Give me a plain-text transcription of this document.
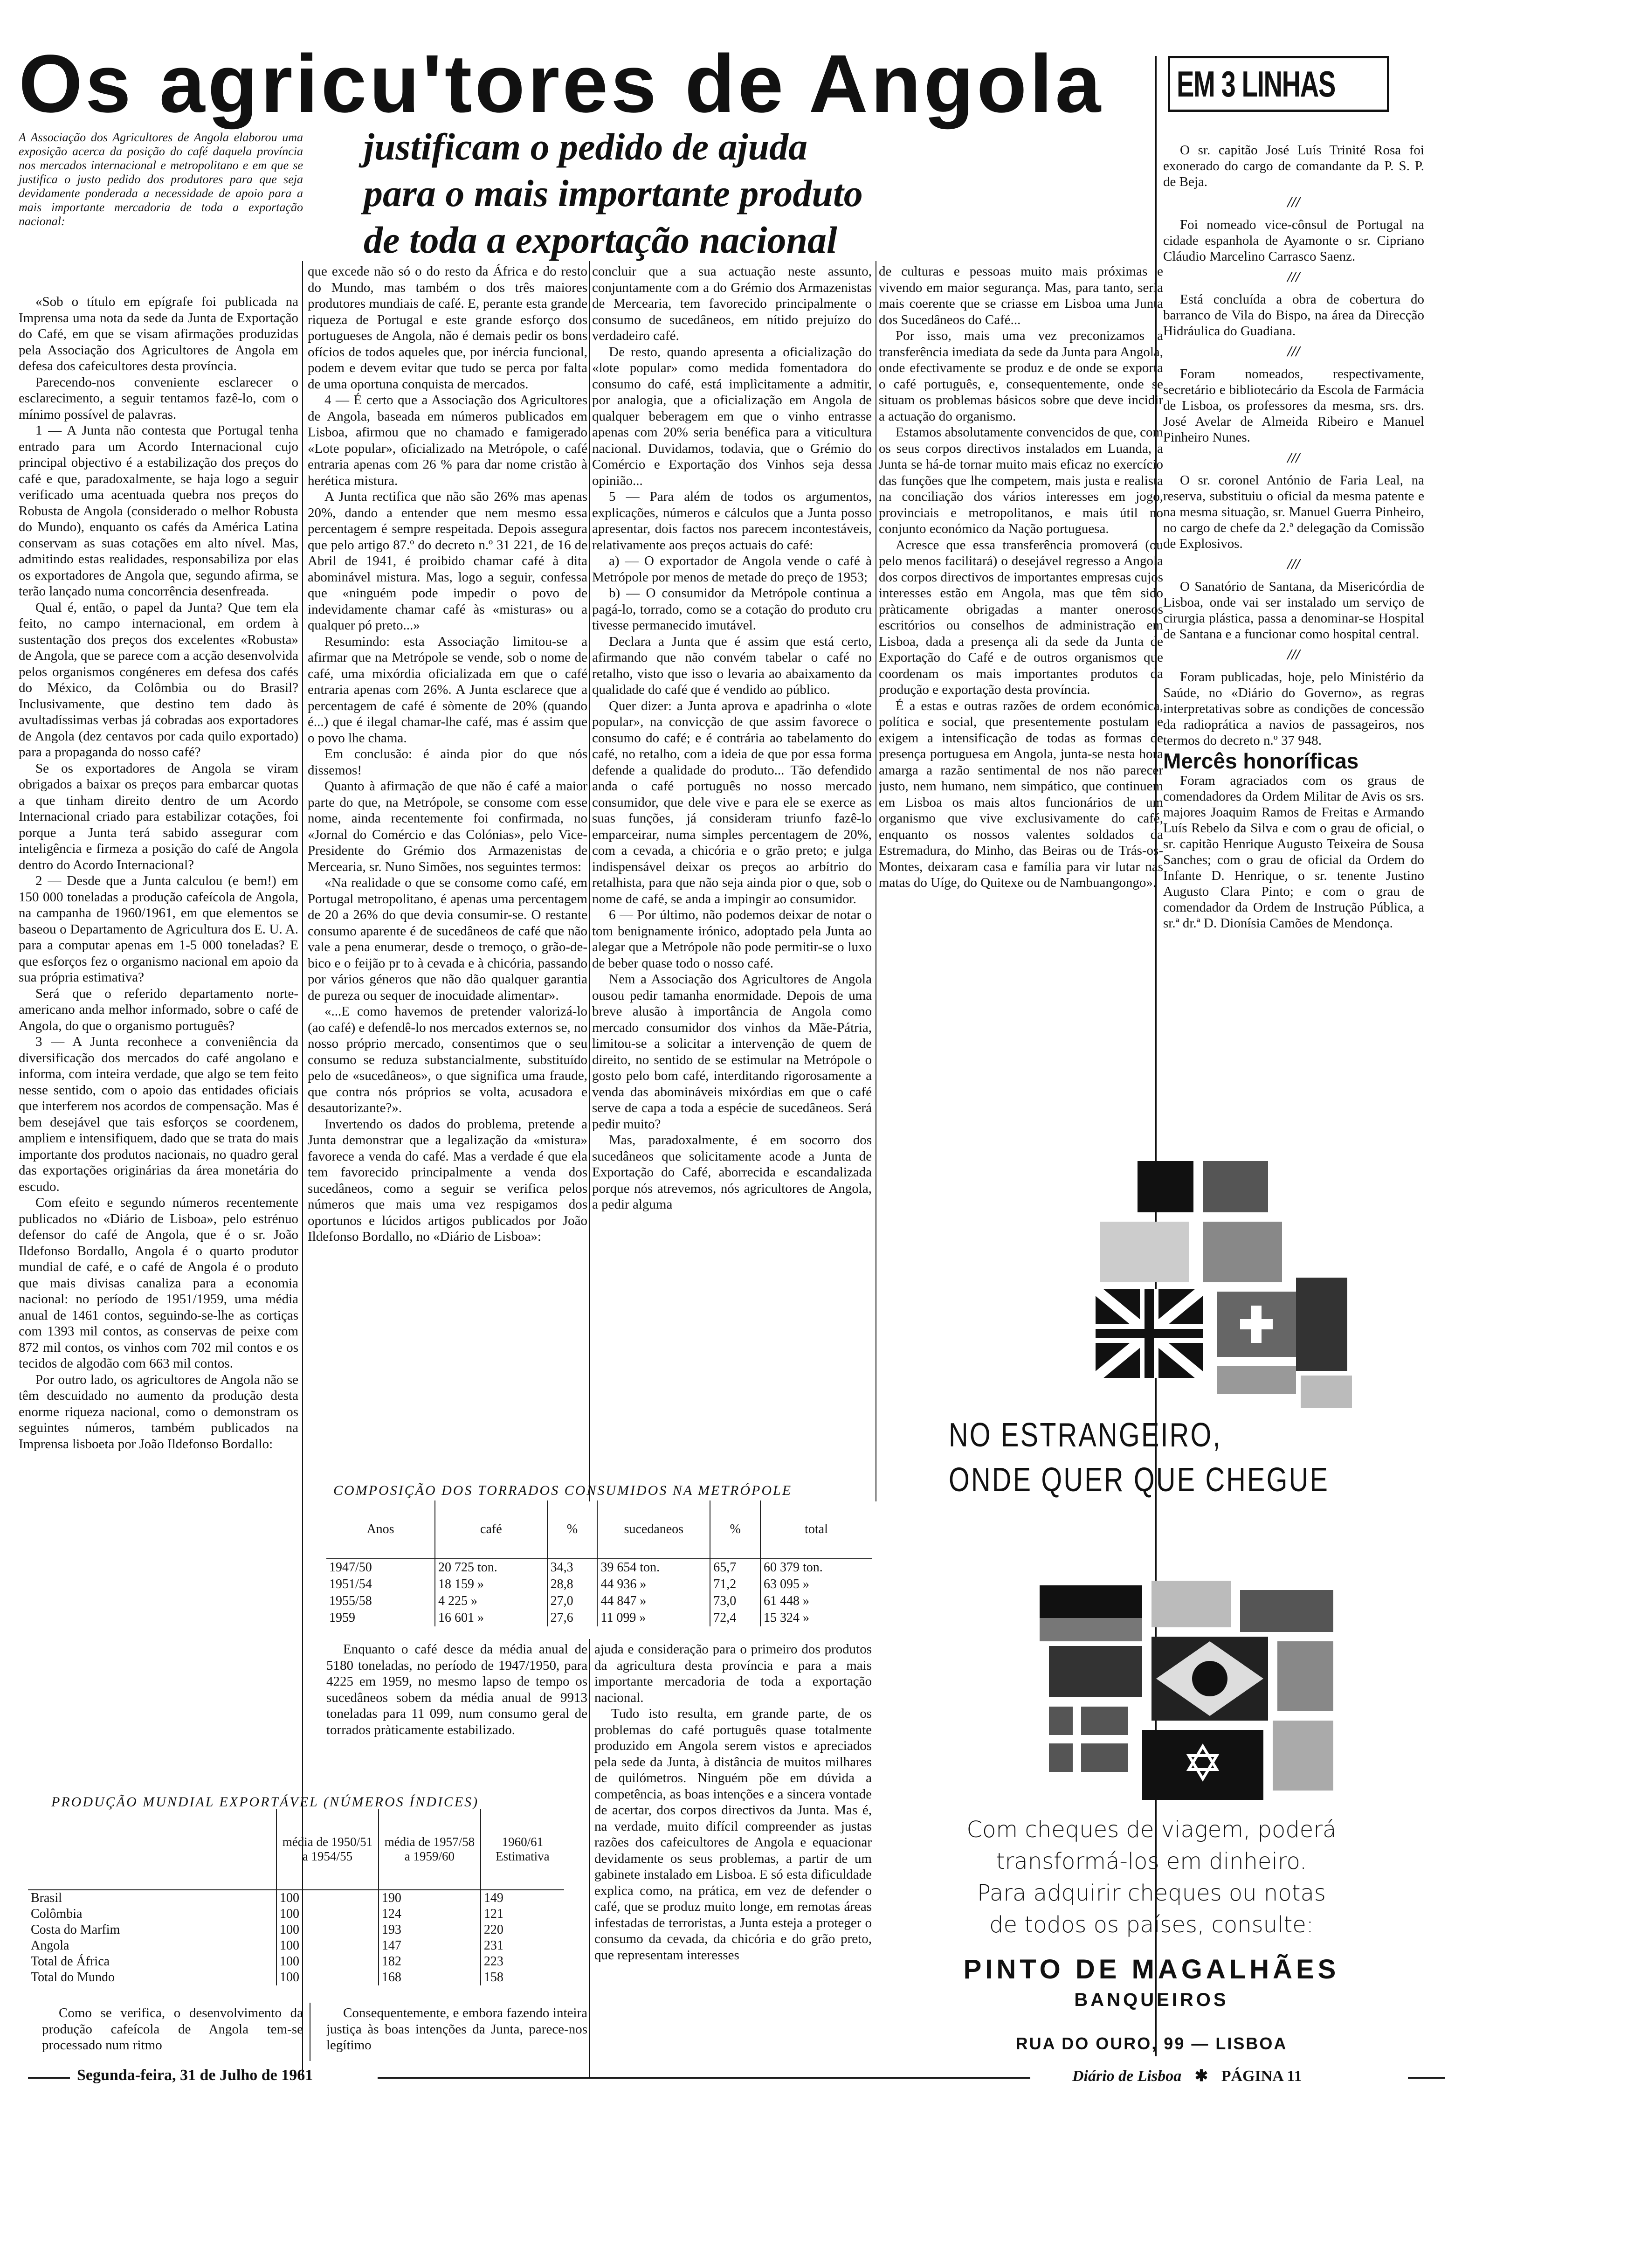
Os agricu'tores de Angola
justificam o pedido de ajuda
para o mais importante produto
de toda a exportação nacional
A Associação dos Agricultores de Angola elaborou uma exposição acerca da posição do café daquela província nos mercados internacional e metropolitano e em que se justifica o justo pedido dos produtores para que seja devidamente ponderada a necessidade de apoio para a mais importante mercadoria de toda a exportação nacional:

«Sob o título em epígrafe foi publicada na Imprensa uma nota da sede da Junta de Exportação do Café, em que se visam afirmações produzidas pela Associação dos Agricultores de Angola em defesa dos cafeicultores desta província.

Parecendo-nos conveniente esclarecer o esclarecimento, a seguir tentamos fazê-lo, com o mínimo possível de palavras.

1 — A Junta não contesta que Portugal tenha entrado para um Acordo Internacional cujo principal objectivo é a estabilização dos preços do café e que, paradoxalmente, se haja logo a seguir verificado uma acentuada quebra nos preços do Robusta de Angola (considerado o melhor Robusta do Mundo), enquanto os cafés da América Latina conservam as suas cotações em alto nível. Mas, admitindo estas realidades, responsabiliza por elas os exportadores de Angola que, segundo afirma, se terão lançado numa concorrência desenfreada.

Qual é, então, o papel da Junta? Que tem ela feito, no campo internacional, em ordem à sustentação dos preços dos excelentes «Robusta» de Angola, que se parece com a acção desenvolvida pelos organismos congéneres em defesa dos cafés do México, da Colômbia ou do Brasil? Inclusivamente, que destino tem dado às avultadíssimas verbas já cobradas aos exportadores de Angola (dez centavos por cada quilo exportado) para a propaganda do nosso café?

Se os exportadores de Angola se viram obrigados a baixar os preços para embarcar quotas a que tinham direito dentro de um Acordo Internacional criado para estabilizar cotações, foi porque a Junta terá sabido assegurar com inteligência e firmeza a posição do café de Angola dentro do Acordo Internacional?

2 — Desde que a Junta calculou (e bem!) em 150 000 toneladas a produção cafeícola de Angola, na campanha de 1960/1961, em que elementos se baseou o Departamento de Agricultura dos E. U. A. para a computar apenas em 1-5 000 toneladas? E que esforços fez o organismo nacional em apoio da sua própria estimativa?

Será que o referido departamento norte-americano anda melhor informado, sobre o café de Angola, do que o organismo português?

3 — A Junta reconhece a conveniência da diversificação dos mercados do café angolano e informa, com inteira verdade, que algo se tem feito nesse sentido, com o apoio das entidades oficiais que interferem nos acordos de compensação. Mas é bem desejável que tais esforços se coordenem, ampliem e intensifiquem, dado que se trata do mais importante dos produtos nacionais, no quadro geral das exportações originárias da área monetária do escudo.

Com efeito e segundo números recentemente publicados no «Diário de Lisboa», pelo estrénuo defensor do café de Angola, que é o sr. João Ildefonso Bordallo, Angola é o quarto produtor mundial de café, e o café de Angola é o produto que mais divisas canaliza para a economia nacional: no período de 1951/1959, uma média anual de 1461 contos, seguindo-se-lhe as cortiças com 1393 mil contos, as conservas de peixe com 872 mil contos, os vinhos com 702 mil contos e os tecidos de algodão com 663 mil contos.

Por outro lado, os agricultores de Angola não se têm descuidado no aumento da produção desta enorme riqueza nacional, como o demonstram os seguintes números, também publicados na Imprensa lisboeta por João Ildefonso Bordallo:

que excede não só o do resto da África e do resto do Mundo, mas também o dos três maiores produtores mundiais de café. E, perante esta grande riqueza de Portugal e este grande esforço dos portugueses de Angola, não é demais pedir os bons ofícios de todos aqueles que, por inércia funcional, podem e devem evitar que tudo se perca por falta de uma oportuna conquista de mercados.

4 — É certo que a Associação dos Agricultores de Angola, baseada em números publicados em Lisboa, afirmou que no chamado e famigerado «Lote popular», oficializado na Metrópole, o café entraria apenas com 26 % para dar nome cristão à herética mistura.

A Junta rectifica que não são 26% mas apenas 20%, dando a entender que nem mesmo essa percentagem é sempre respeitada. Depois assegura que pelo artigo 87.º do decreto n.º 31 221, de 16 de Abril de 1941, é proibido chamar café à dita abominável mistura. Mas, logo a seguir, confessa que «ninguém pode impedir o povo de indevidamente chamar café às «misturas» ou a qualquer pó preto...»

Resumindo: esta Associação limitou-se a afirmar que na Metrópole se vende, sob o nome de café, uma mixórdia oficializada em que o café entraria apenas com 26%. A Junta esclarece que a percentagem de café é sòmente de 20% (quando é...) que é ilegal chamar-lhe café, mas é assim que o povo lhe chama.

Em conclusão: é ainda pior do que nós dissemos!

Quanto à afirmação de que não é café a maior parte do que, na Metrópole, se consome com esse nome, ainda recentemente foi confirmada, no «Jornal do Comércio e das Colónias», pelo Vice-Presidente do Grémio dos Armazenistas de Mercearia, sr. Nuno Simões, nos seguintes termos:

«Na realidade o que se consome como café, em Portugal metropolitano, é apenas uma percentagem de 20 a 26% do que devia consumir-se. O restante consumo aparente é de sucedâneos de café que não vale a pena enumerar, desde o tremoço, o grão-de-bico e o feijão pr to à cevada e à chicória, passando por vários géneros que não dão qualquer garantia de pureza ou sequer de inocuidade alimentar».

«...E como havemos de pretender valorizá-lo (ao café) e defendê-lo nos mercados externos se, no nosso próprio mercado, consentimos que o seu consumo se reduza substancialmente, substituído pelo de «sucedâneos», o que significa uma fraude, que contra nós próprios se volta, acusadora e desautorizante?».

Invertendo os dados do problema, pretende a Junta demonstrar que a legalização da «mistura» favorece a venda do café. Mas a verdade é que ela tem favorecido principalmente a venda dos sucedâneos, como a seguir se verifica pelos números que mais uma vez respigamos dos oportunos e lúcidos artigos publicados por João Ildefonso Bordallo, no «Diário de Lisboa»:

concluir que a sua actuação neste assunto, conjuntamente com a do Grémio dos Armazenistas de Mercearia, tem favorecido principalmente o consumo de sucedâneos, em nítido prejuízo do verdadeiro café.

De resto, quando apresenta a oficialização do «lote popular» como medida fomentadora do consumo do café, está implìcitamente a admitir, por analogia, que a oficialização em Angola de qualquer beberagem em que o vinho entrasse apenas com 20% seria benéfica para a viticultura nacional. Duvidamos, todavia, que o Grémio do Comércio e Exportação dos Vinhos seja dessa opinião...

5 — Para além de todos os argumentos, explicações, números e cálculos que a Junta posso apresentar, dois factos nos parecem incontestáveis, relativamente aos preços actuais do café:

a) — O exportador de Angola vende o café à Metrópole por menos de metade do preço de 1953;

b) — O consumidor da Metrópole continua a pagá-lo, torrado, como se a cotação do produto cru tivesse permanecido imutável.

Declara a Junta que é assim que está certo, afirmando que não convém tabelar o café no retalho, visto que isso o levaria ao abaixamento da qualidade do café que é vendido ao público.

Quer dizer: a Junta aprova e apadrinha o «lote popular», na convicção de que assim favorece o consumo do café; e é contrária ao tabelamento do café, no retalho, com a ideia de que por essa forma defende a qualidade do produto... Tão defendido anda o café português no nosso mercado consumidor, que dele vive e para ele se exerce as suas funções, já consideram triunfo fazê-lo emparceirar, numa simples percentagem de 20%, com a cevada, a chicória e o grão preto; e julga indispensável deixar os preços ao arbítrio do retalhista, para que não seja ainda pior o que, sob o nome de café, se anda a impingir ao consumidor.

6 — Por último, não podemos deixar de notar o tom benignamente irónico, adoptado pela Junta ao alegar que a Metrópole não pode permitir-se o luxo de beber quase todo o nosso café.

Nem a Associação dos Agricultores de Angola ousou pedir tamanha enormidade. Depois de uma breve alusão à importância de Angola como mercado consumidor dos vinhos da Mãe-Pátria, limitou-se a solicitar a intervenção de quem de direito, no sentido de se estimular na Metrópole o gosto pelo bom café, interditando rigorosamente a venda das abomináveis mixórdias em que o café serve de capa a toda a espécie de sucedâneos. Será pedir muito?

Mas, paradoxalmente, é em socorro dos sucedâneos que solicitamente acode a Junta de Exportação do Café, aborrecida e escandalizada porque nós atrevemos, nós agricultores de Angola, a pedir alguma

de culturas e pessoas muito mais próximas e vivendo em maior segurança. Mas, para tanto, seria mais coerente que se criasse em Lisboa uma Junta dos Sucedâneos do Café...

Por isso, mais uma vez preconizamos a transferência imediata da sede da Junta para Angola, onde efectivamente se produz e de onde se exporta o café português, e, consequentemente, onde se situam os problemas básicos sobre que deve incidir a actuação do organismo.

Estamos absolutamente convencidos de que, com os seus corpos directivos instalados em Luanda, a Junta se há-de tornar muito mais eficaz no exercício das funções que lhe competem, mais justa e realista na conciliação dos vários interesses em jogo, provinciais e metropolitanos, e mais útil no conjunto económico da Nação portuguesa.

Acresce que essa transferência promoverá (ou pelo menos facilitará) o desejável regresso a Angola dos corpos directivos de importantes empresas cujos interesses estão em Angola, mas que têm sido pràticamente obrigadas a manter onerosos escritórios ou conselhos de administração em Lisboa, dada a presença ali da sede da Junta de Exportação do Café e de outros organismos que coordenam os mais importantes produtos da produção e exportação desta província.

É a estas e outras razões de ordem económica, política e social, que presentemente postulam e exigem a intensificação de todas as formas de presença portuguesa em Angola, junta-se nesta hora amarga a razão sentimental de nos não parecer justo, nem humano, nem simpático, que continuem em Lisboa os mais altos funcionários de um organismo que vive exclusivamente do café, enquanto os nossos valentes soldados da Estremadura, do Minho, das Beiras ou de Trás-os-Montes, deixaram casa e família para vir lutar nas matas do Uíge, do Quitexe ou de Nambuangongo».

COMPOSIÇÃO DOS TORRADOS CONSUMIDOS NA METRÓPOLE
Anos	café	%	sucedaneos	%	total
1947/50	20 725 ton.	34,3	39 654 ton.	65,7	60 379 ton.
1951/54	18 159 »	28,8	44 936 »	71,2	63 095 »
1955/58	4 225 »	27,0	44 847 »	73,0	61 448 »
1959	16 601 »	27,6	11 099 »	72,4	15 324 »

Enquanto o café desce da média anual de 5180 toneladas, no período de 1947/1950, para 4225 em 1959, no mesmo lapso de tempo os sucedâneos sobem da média anual de 9913 toneladas para 11 099, num consumo geral de torrados pràticamente estabilizado.

ajuda e consideração para o primeiro dos produtos da agricultura desta província e para a mais importante mercadoria de toda a exportação nacional.

Tudo isto resulta, em grande parte, de os problemas do café português quase totalmente produzido em Angola serem vistos e apreciados pela sede da Junta, à distância de muitos milhares de quilómetros. Ninguém põe em dúvida a competência, as boas intenções e a sincera vontade de acertar, dos corpos directivos da Junta. Mas é, na verdade, muito difícil compreender as justas razões dos cafeicultores de Angola e equacionar devidamente os seus problemas, a partir de um gabinete instalado em Lisboa. E só esta dificuldade explica como, na prática, em vez de defender o café, que se produz muito longe, em remotas áreas infestadas de terroristas, a Junta esteja a proteger o consumo da cevada, da chicória e do grão preto, que representam interesses

PRODUÇÃO MUNDIAL EXPORTÁVEL (NÚMEROS ÍNDICES)
	média de 1950/51 a 1954/55	média de 1957/58 a 1959/60	1960/61 Estimativa
Brasil	100	190	149
Colômbia	100	124	121
Costa do Marfim	100	193	220
Angola	100	147	231
Total de África	100	182	223
Total do Mundo	100	168	158

Como se verifica, o desenvolvimento da produção cafeícola de Angola tem-se processado num ritmo

Consequentemente, e embora fazendo inteira justiça às boas intenções da Junta, parece-nos legítimo

Segunda-feira, 31 de Julho de 1961	Diário de Lisboa ✱ PÁGINA 11
EM 3 LINHAS

O sr. capitão José Luís Trinité Rosa foi exonerado do cargo de comandante da P. S. P. de Beja.

///

Foi nomeado vice-cônsul de Portugal na cidade espanhola de Ayamonte o sr. Cipriano Cláudio Marcelino Carrasco Saenz.

///

Está concluída a obra de cobertura do barranco de Vila do Bispo, na área da Direcção Hidráulica do Guadiana.

///

Foram nomeados, respectivamente, secretário e bibliotecário da Escola de Farmácia de Lisboa, os professores da mesma, srs. drs. José Avelar de Almeida Ribeiro e Manuel Pinheiro Nunes.

///

O sr. coronel António de Faria Leal, na reserva, substituiu o oficial da mesma patente e na mesma situação, sr. Manuel Guerra Pinheiro, no cargo de chefe da 2.ª delegação da Comissão de Explosivos.

///

O Sanatório de Santana, da Misericórdia de Lisboa, onde vai ser instalado um serviço de cirurgia plástica, passa a denominar-se Hospital de Santana e a funcionar como hospital central.

///

Foram publicadas, hoje, pelo Ministério da Saúde, no «Diário do Governo», as regras interpretativas sobre as condições de concessão da radioprática a navios de passageiros, nos termos do decreto n.º 37 948.

Mercês honoríficas

Foram agraciados com os graus de comendadores da Ordem Militar de Avis os srs. majores Joaquim Ramos de Freitas e Armando Luís Rebelo da Silva e com o grau de oficial, o sr. capitão Henrique Augusto Teixeira de Sousa Sanches; com o grau de oficial da Ordem do Infante D. Henrique, o sr. tenente Justino Augusto Clara Pinto; e com o grau de comendador da Ordem de Instrução Pública, a sr.ª dr.ª D. Dionísia Camões de Mendonça.

NO ESTRANGEIRO,
ONDE QUER QUE CHEGUE
Com cheques de viagem, poderá
transformá-los em dinheiro.
Para adquirir cheques ou notas
de todos os países, consulte:
PINTO DE MAGALHÃES
BANQUEIROS
RUA DO OURO, 99 — LISBOA
